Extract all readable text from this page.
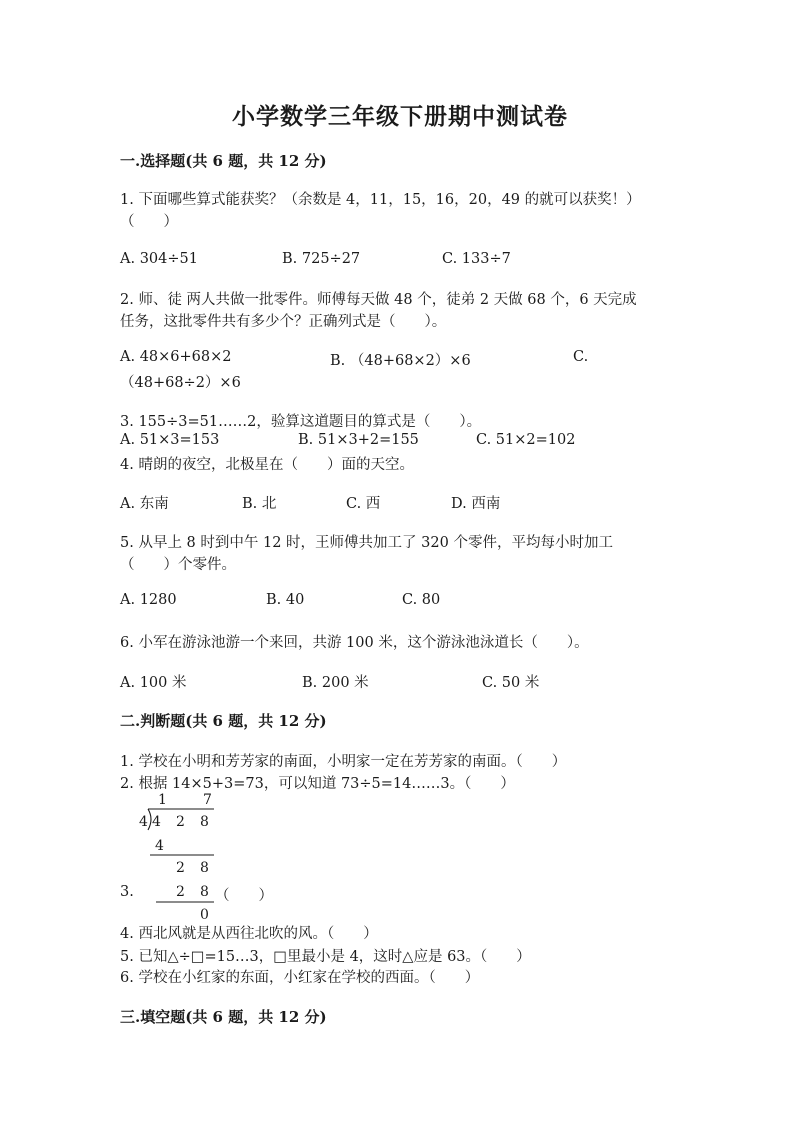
小学数学三年级下册期中测试卷
一.选择题(共 6 题，共 12 分)
1. 下面哪些算式能获奖？（余数是 4，11，15，16，20，49 的就可以获奖！）
（　　）
A. 304÷51	B. 725÷27	C. 133÷7
2. 师、徒 两人共做一批零件。师傅每天做 48 个，徒弟 2 天做 68 个，6 天完成
任务，这批零件共有多少个？正确列式是（　　）。
A. 48×6+68×2	B. （48+68×2）×6	C.
（48+68÷2）×6
3. 155÷3=51……2，验算这道题目的算式是（　　）。
A. 51×3=153	B. 51×3+2=155	C. 51×2=102
4. 晴朗的夜空，北极星在（　　）面的天空。
A. 东南	B. 北	C. 西	D. 西南
5. 从早上 8 时到中午 12 时，王师傅共加工了 320 个零件，平均每小时加工
（　　）个零件。
A. 1280	B. 40	C. 80
6. 小军在游泳池游一个来回，共游 100 米，这个游泳池泳道长（　　）。
A. 100 米	B. 200 米	C. 50 米
二.判断题(共 6 题，共 12 分)
1. 学校在小明和芳芳家的南面，小明家一定在芳芳家的南面。（　　）
2. 根据 14×5+3=73，可以知道 73÷5=14……3。（　　）
1	7
4 4 2 8
4
2 8
2 8
0
3.	（　　）
4. 西北风就是从西往北吹的风。（　　）
5. 已知△÷□=15…3，□里最小是 4，这时△应是 63。（　　）
6. 学校在小红家的东面，小红家在学校的西面。（　　）
三.填空题(共 6 题，共 12 分)
